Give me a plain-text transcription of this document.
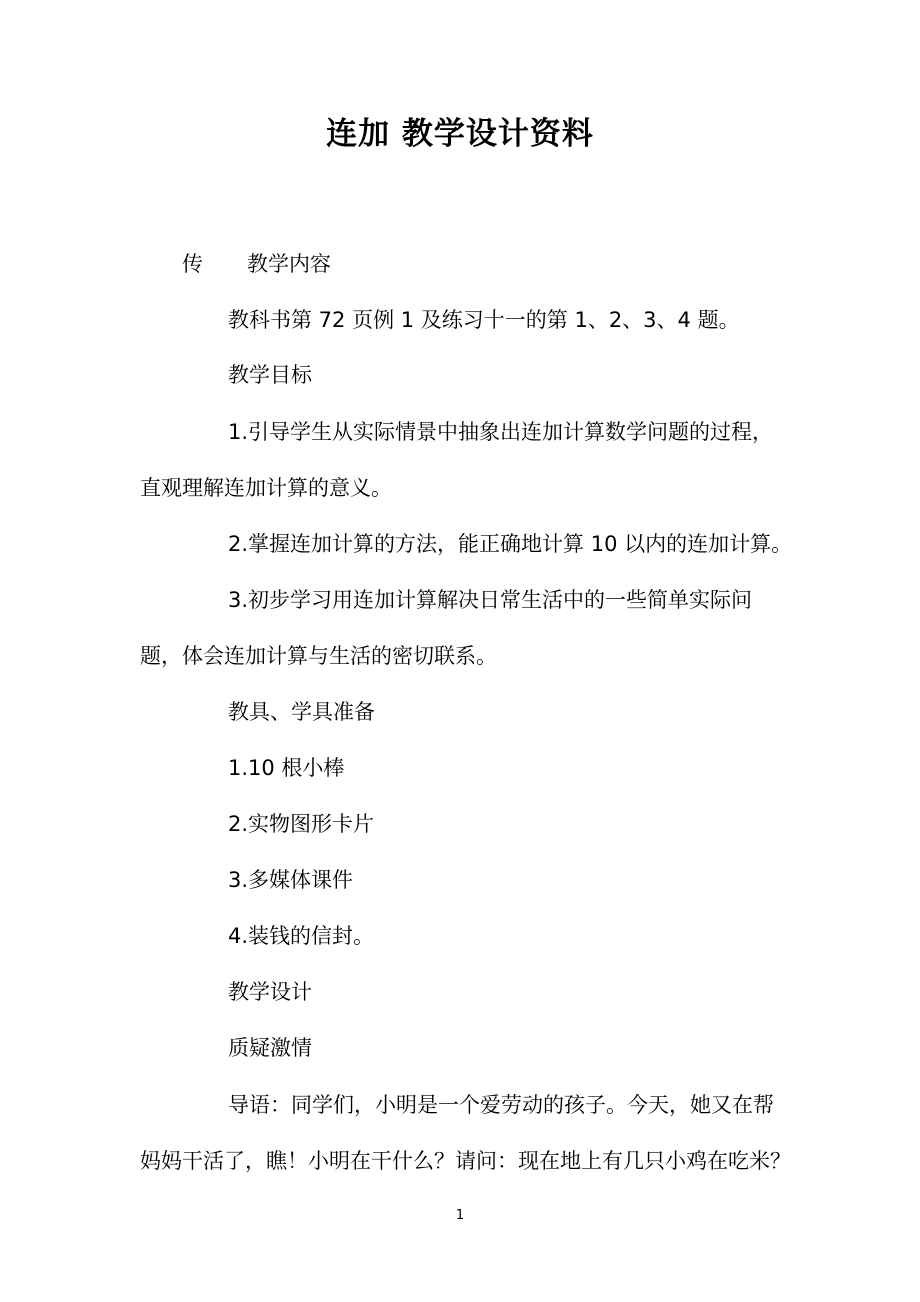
连加 教学设计资料
传 教学内容
教科书第 72 页例 1 及练习十一的第 1、2、3、4 题。
教学目标
1.引导学生从实际情景中抽象出连加计算数学问题的过程，
直观理解连加计算的意义。
2.掌握连加计算的方法，能正确地计算 10 以内的连加计算。
3.初步学习用连加计算解决日常生活中的一些简单实际问
题，体会连加计算与生活的密切联系。
教具、学具准备
1.10 根小棒
2.实物图形卡片
3.多媒体课件
4.装钱的信封。
教学设计
质疑激情
导语：同学们，小明是一个爱劳动的孩子。今天，她又在帮
妈妈干活了，瞧！小明在干什么？请问：现在地上有几只小鸡在吃米？
1
